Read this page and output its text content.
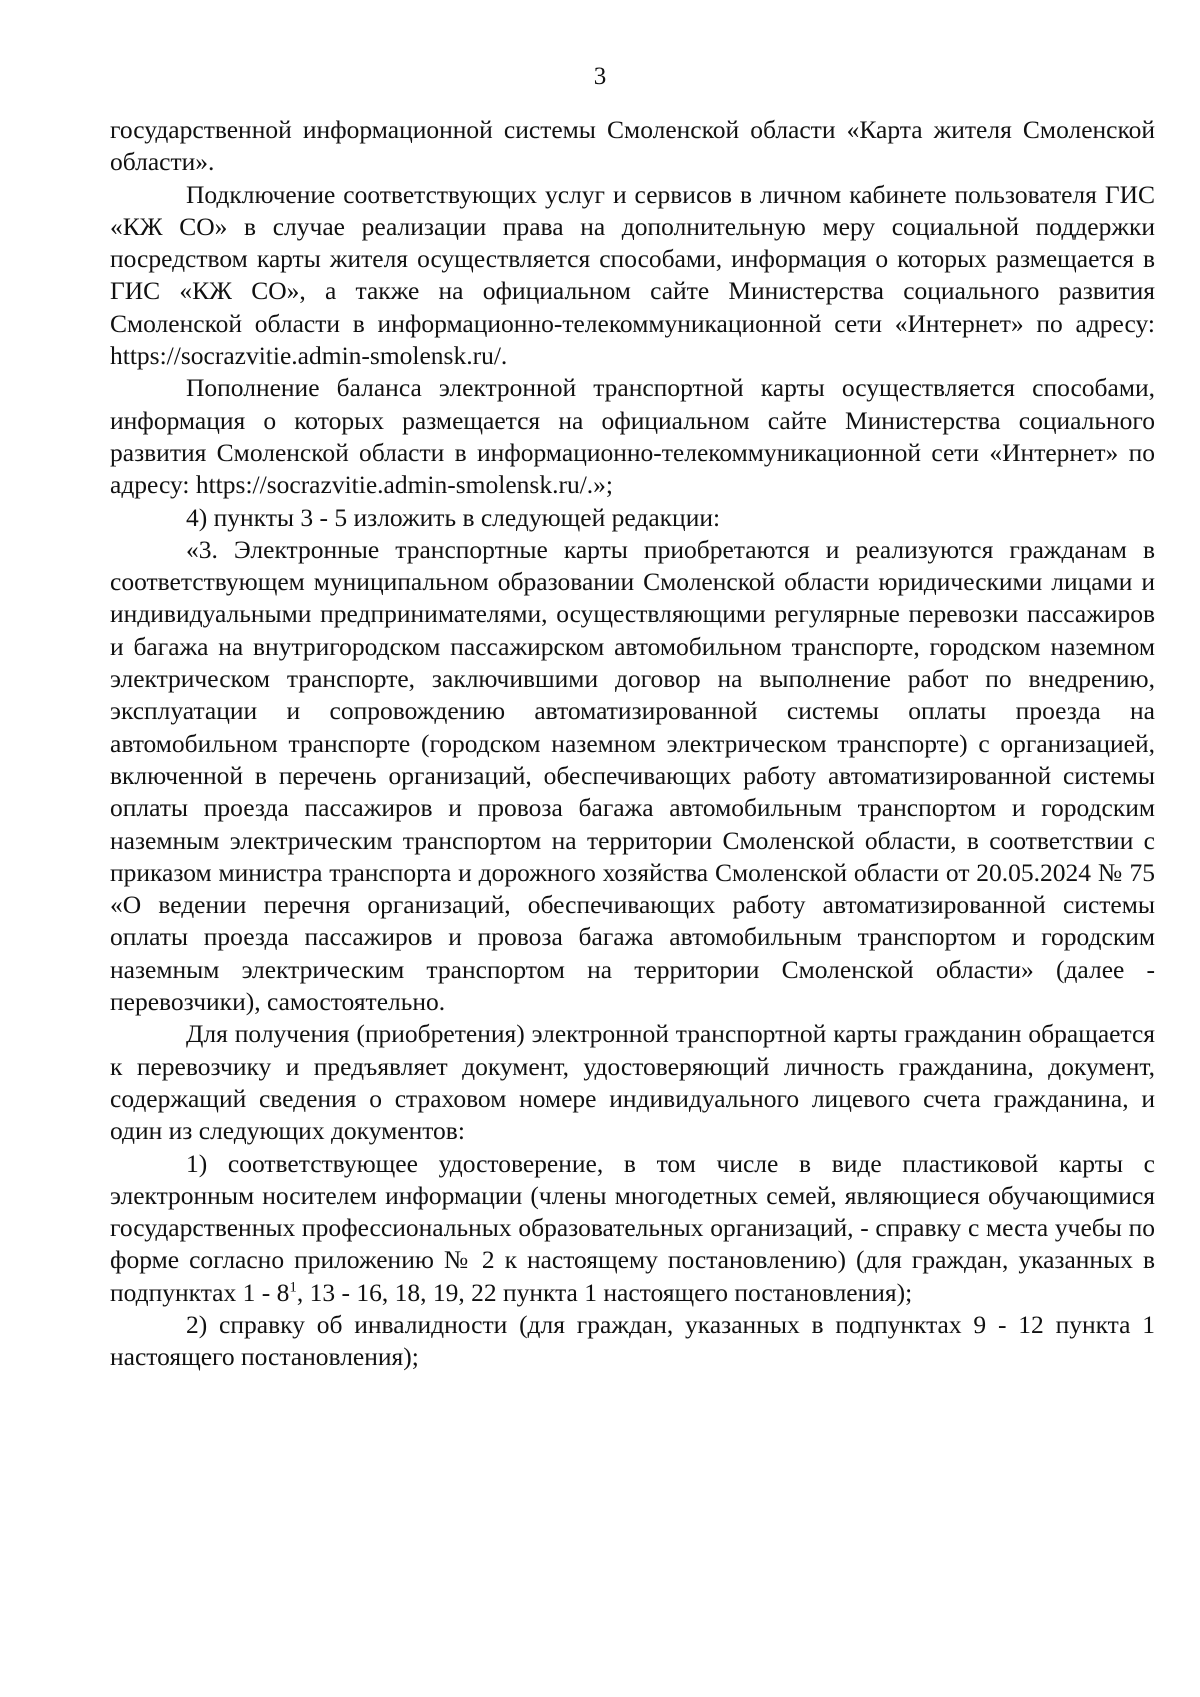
3

государственной информационной системы Смоленской области «Карта жителя Смоленской области».

Подключение соответствующих услуг и сервисов в личном кабинете пользователя ГИС «КЖ СО» в случае реализации права на дополнительную меру социальной поддержки посредством карты жителя осуществляется способами, информация о которых размещается в ГИС «КЖ СО», а также на официальном сайте Министерства социального развития Смоленской области в информационно-телекоммуникационной сети «Интернет» по адресу: https://socrazvitie.admin-smolensk.ru/.

Пополнение баланса электронной транспортной карты осуществляется способами, информация о которых размещается на официальном сайте Министерства социального развития Смоленской области в информационно-телекоммуникационной сети «Интернет» по адресу: https://socrazvitie.admin-smolensk.ru/.»;

4) пункты 3 - 5 изложить в следующей редакции:

«3. Электронные транспортные карты приобретаются и реализуются гражданам в соответствующем муниципальном образовании Смоленской области юридическими лицами и индивидуальными предпринимателями, осуществляющими регулярные перевозки пассажиров и багажа на внутригородском пассажирском автомобильном транспорте, городском наземном электрическом транспорте, заключившими договор на выполнение работ по внедрению, эксплуатации и сопровождению автоматизированной системы оплаты проезда на автомобильном транспорте (городском наземном электрическом транспорте) с организацией, включенной в перечень организаций, обеспечивающих работу автоматизированной системы оплаты проезда пассажиров и провоза багажа автомобильным транспортом и городским наземным электрическим транспортом на территории Смоленской области, в соответствии с приказом министра транспорта и дорожного хозяйства Смоленской области от 20.05.2024 № 75 «О ведении перечня организаций, обеспечивающих работу автоматизированной системы оплаты проезда пассажиров и провоза багажа автомобильным транспортом и городским наземным электрическим транспортом на территории Смоленской области» (далее - перевозчики), самостоятельно.

Для получения (приобретения) электронной транспортной карты гражданин обращается к перевозчику и предъявляет документ, удостоверяющий личность гражданина, документ, содержащий сведения о страховом номере индивидуального лицевого счета гражданина, и один из следующих документов:

1) соответствующее удостоверение, в том числе в виде пластиковой карты с электронным носителем информации (члены многодетных семей, являющиеся обучающимися государственных профессиональных образовательных организаций, - справку с места учебы по форме согласно приложению № 2 к настоящему постановлению) (для граждан, указанных в подпунктах $1 - 8^1$, 13 - 16, 18, 19, 22 пункта 1 настоящего постановления);

2) справку об инвалидности (для граждан, указанных в подпунктах 9 - 12 пункта 1 настоящего постановления);
